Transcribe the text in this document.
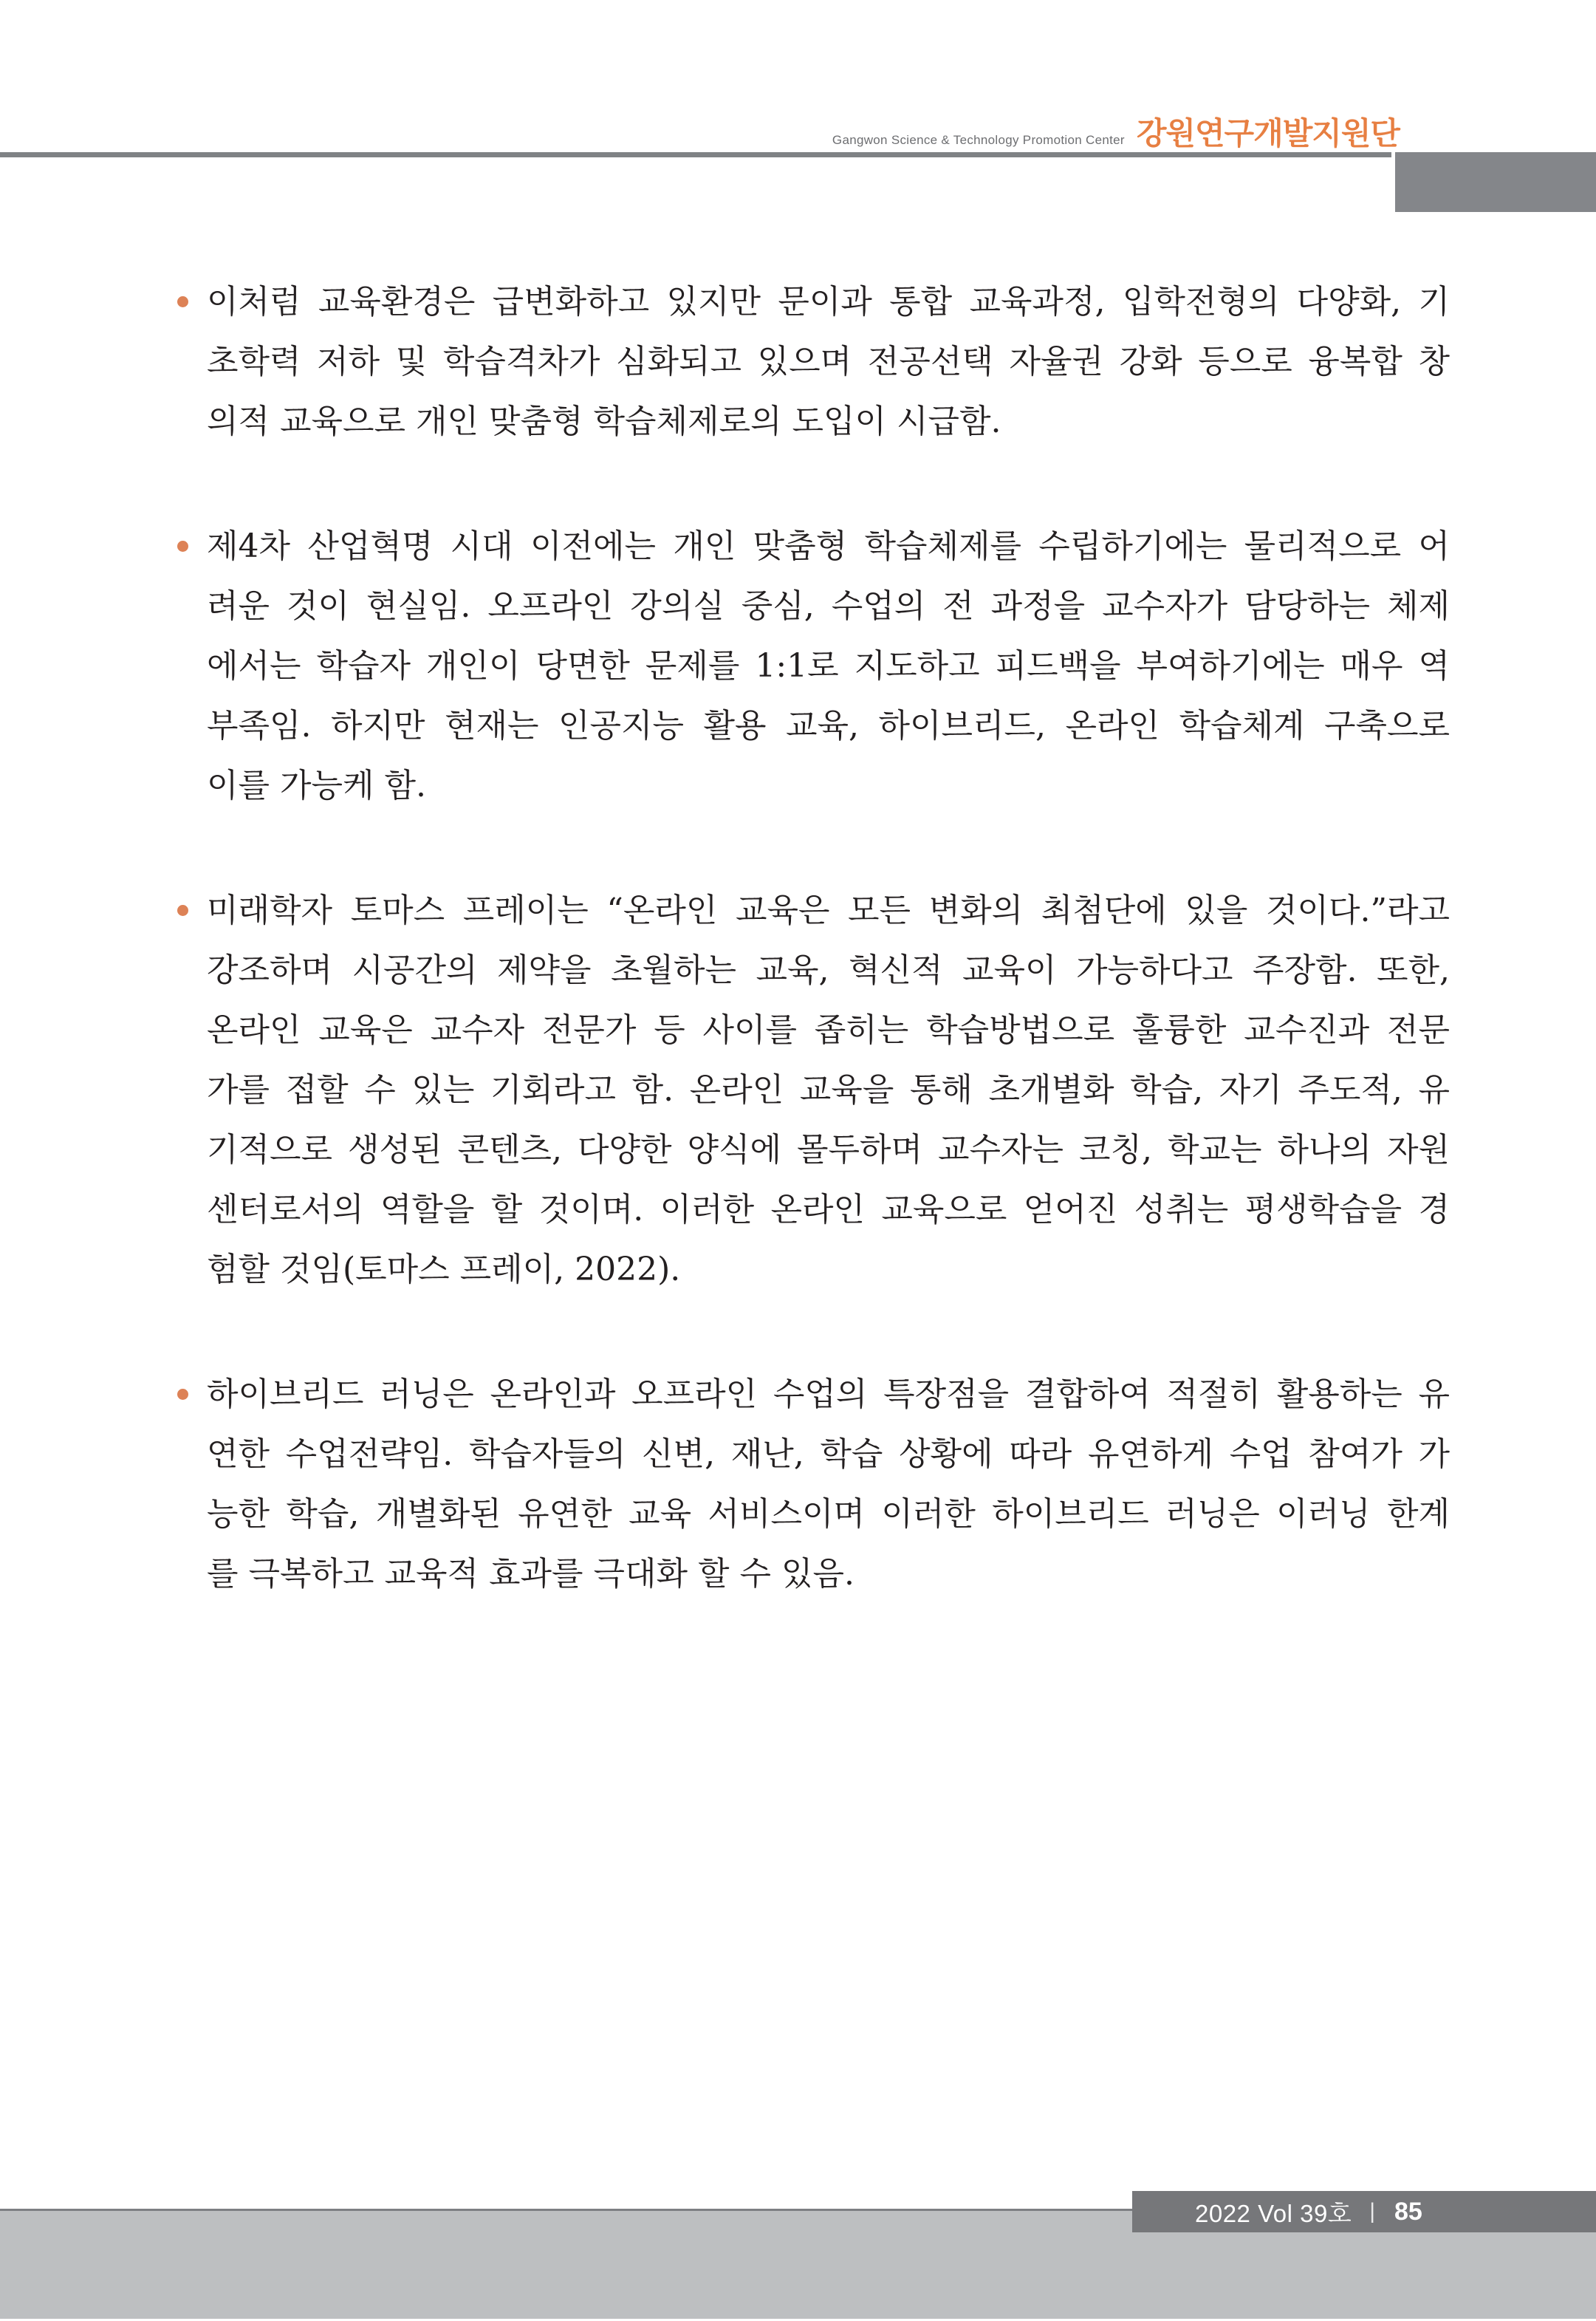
Gangwon Science & Technology Promotion Center 강원연구개발지원단
이처럼 교육환경은 급변화하고 있지만 문이과 통합 교육과정, 입학전형의 다양화, 기
초학력 저하 및 학습격차가 심화되고 있으며 전공선택 자율권 강화 등으로 융복합 창
의적 교육으로 개인 맞춤형 학습체제로의 도입이 시급함.
제4차 산업혁명 시대 이전에는 개인 맞춤형 학습체제를 수립하기에는 물리적으로 어
려운 것이 현실임. 오프라인 강의실 중심, 수업의 전 과정을 교수자가 담당하는 체제
에서는 학습자 개인이 당면한 문제를 1:1로 지도하고 피드백을 부여하기에는 매우 역
부족임. 하지만 현재는 인공지능 활용 교육, 하이브리드, 온라인 학습체계 구축으로
이를 가능케 함.
미래학자 토마스 프레이는 “온라인 교육은 모든 변화의 최첨단에 있을 것이다.”라고
강조하며 시공간의 제약을 초월하는 교육, 혁신적 교육이 가능하다고 주장함. 또한,
온라인 교육은 교수자 전문가 등 사이를 좁히는 학습방법으로 훌륭한 교수진과 전문
가를 접할 수 있는 기회라고 함. 온라인 교육을 통해 초개별화 학습, 자기 주도적, 유
기적으로 생성된 콘텐츠, 다양한 양식에 몰두하며 교수자는 코칭, 학교는 하나의 자원
센터로서의 역할을 할 것이며. 이러한 온라인 교육으로 얻어진 성취는 평생학습을 경
험할 것임(토마스 프레이, 2022).
하이브리드 러닝은 온라인과 오프라인 수업의 특장점을 결합하여 적절히 활용하는 유
연한 수업전략임. 학습자들의 신변, 재난, 학습 상황에 따라 유연하게 수업 참여가 가
능한 학습, 개별화된 유연한 교육 서비스이며 이러한 하이브리드 러닝은 이러닝 한계
를 극복하고 교육적 효과를 극대화 할 수 있음.
2022 Vol 39호 | 85
